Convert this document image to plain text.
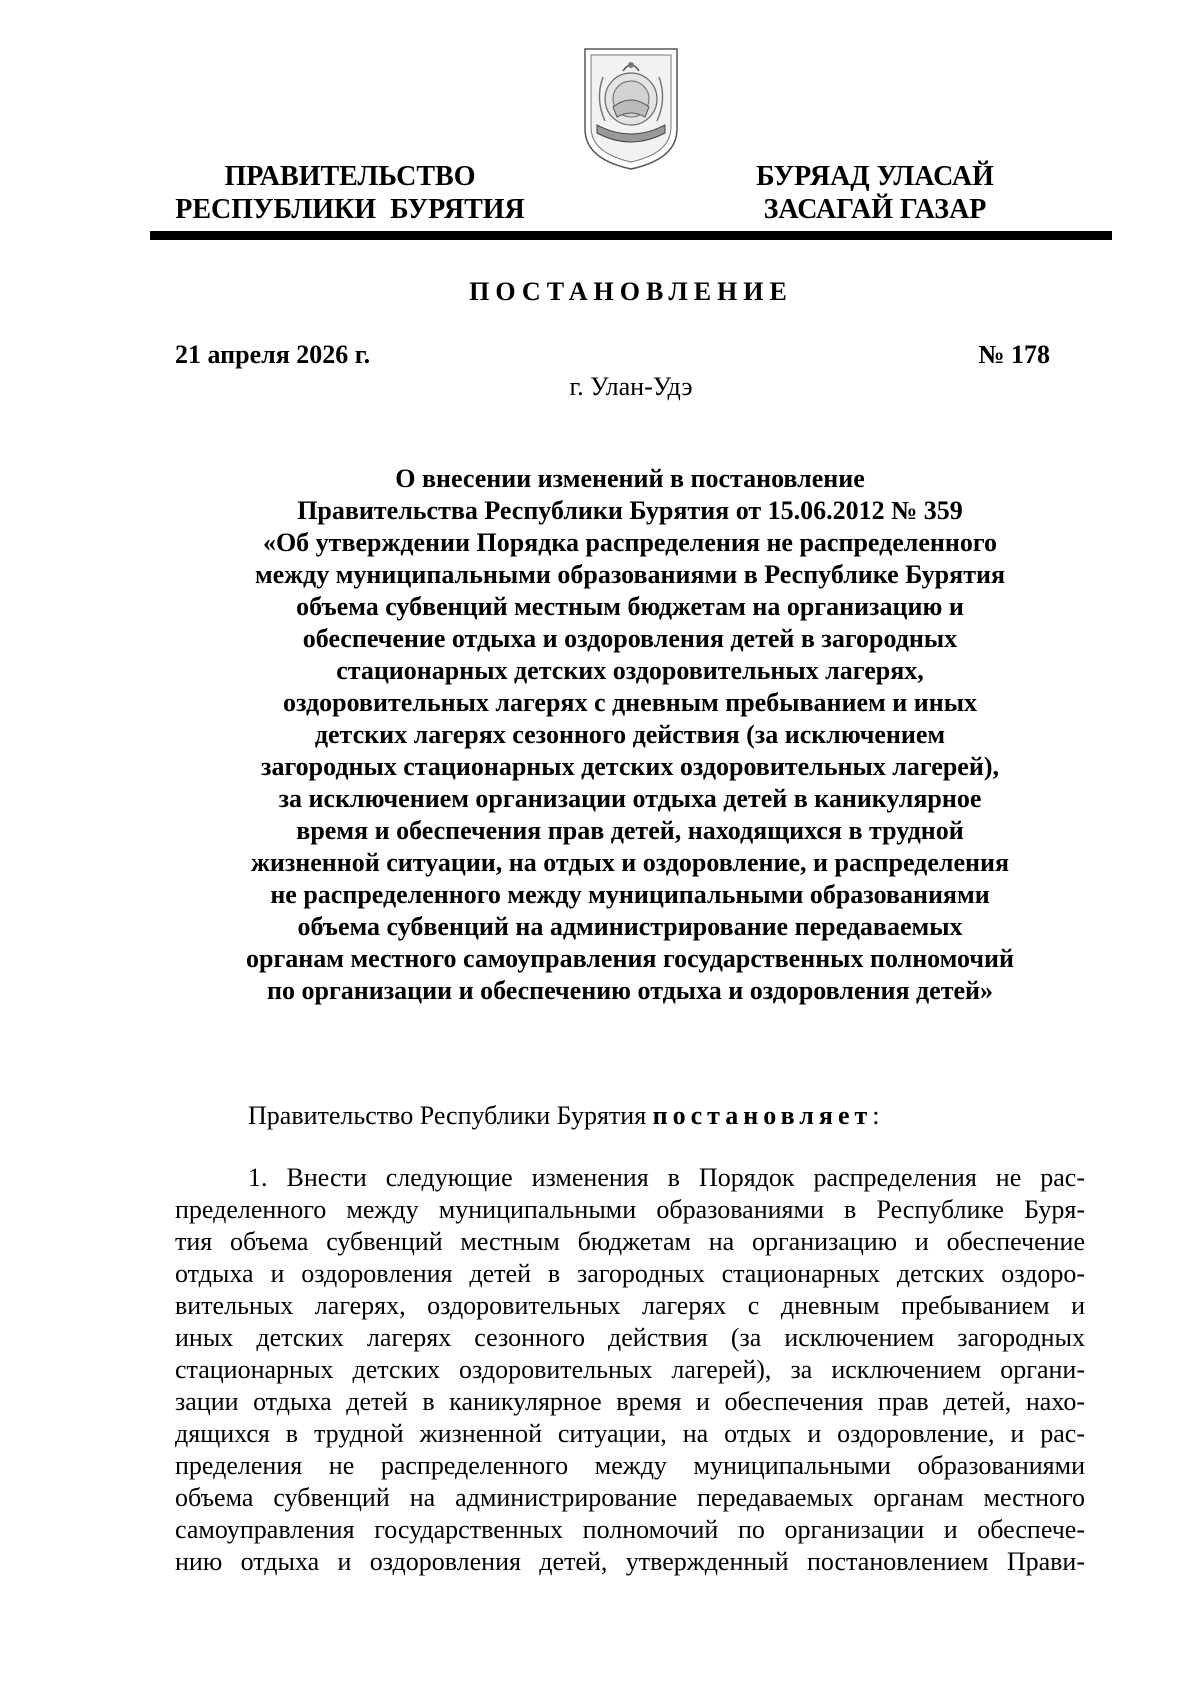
ПРАВИТЕЛЬСТВО
РЕСПУБЛИКИ  БУРЯТИЯ
БУРЯАД УЛАСАЙ
ЗАСАГАЙ ГАЗАР
ПОСТАНОВЛЕНИЕ
21 апреля 2026 г.	№ 178
г. Улан-Удэ
О внесении изменений в постановление
Правительства Республики Бурятия от 15.06.2012 № 359
«Об утверждении Порядка распределения не распределенного
между муниципальными образованиями в Республике Бурятия
объема субвенций местным бюджетам на организацию и
обеспечение отдыха и оздоровления детей в загородных
стационарных детских оздоровительных лагерях,
оздоровительных лагерях с дневным пребыванием и иных
детских лагерях сезонного действия (за исключением
загородных стационарных детских оздоровительных лагерей),
за исключением организации отдыха детей в каникулярное
время и обеспечения прав детей, находящихся в трудной
жизненной ситуации, на отдых и оздоровление, и распределения
не распределенного между муниципальными образованиями
объема субвенций на администрирование передаваемых
органам местного самоуправления государственных полномочий
по организации и обеспечению отдыха и оздоровления детей»
Правительство Республики Бурятия постановляет:
1. Внести следующие изменения в Порядок распределения не рас-
пределенного между муниципальными образованиями в Республике Буря-
тия объема субвенций местным бюджетам на организацию и обеспечение
отдыха и оздоровления детей в загородных стационарных детских оздоро-
вительных лагерях, оздоровительных лагерях с дневным пребыванием и
иных детских лагерях сезонного действия (за исключением загородных
стационарных детских оздоровительных лагерей), за исключением органи-
зации отдыха детей в каникулярное время и обеспечения прав детей, нахо-
дящихся в трудной жизненной ситуации, на отдых и оздоровление, и рас-
пределения не распределенного между муниципальными образованиями
объема субвенций на администрирование передаваемых органам местного
самоуправления государственных полномочий по организации и обеспече-
нию отдыха и оздоровления детей, утвержденный постановлением Прави-
